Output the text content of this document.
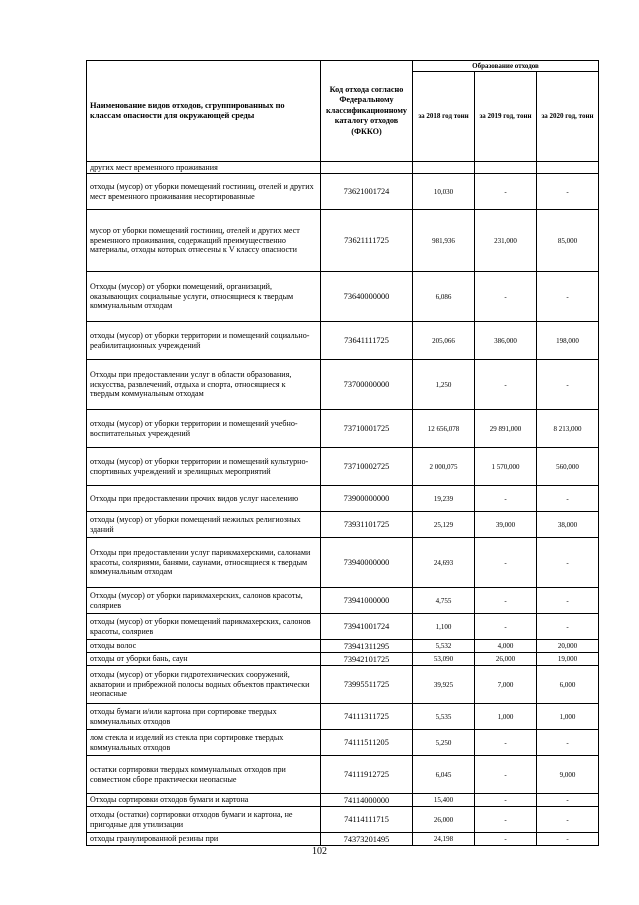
Наименование видов отходов, сгруппированных по классам опасности для окружающей среды	Код отхода согласно Федеральному классификационному каталогу отходов (ФККО)	Образование отходов		
		за 2018 год тонн	за 2019 год, тонн	за 2020 год, тонн
других мест временного проживания				
отходы (мусор) от уборки помещений гостиниц, отелей и других мест временного проживания несортированные	73621001724	10,030	-	-
мусор от уборки помещений гостиниц, отелей и других мест временного проживания, содержащий преимущественно материалы, отходы которых отнесены к V классу опасности	73621111725	981,936	231,000	85,000
Отходы (мусор) от уборки помещений, организаций, оказывающих социальные услуги, относящиеся к твердым коммунальным отходам	73640000000	6,086	-	-
отходы (мусор) от уборки территории и помещений социально- реабилитационных учреждений	73641111725	205,066	386,000	198,000
Отходы при предоставлении услуг в области образования, искусства, развлечений, отдыха и спорта, относящиеся к твердым коммунальным отходам	73700000000	1,250	-	-
отходы (мусор) от уборки территории и помещений учебно-воспитательных учреждений	73710001725	12 656,078	29 891,000	8 213,000
отходы (мусор) от уборки территории и помещений культурно-спортивных учреждений и зрелищных мероприятий	73710002725	2 000,075	1 570,000	560,000
Отходы при предоставлении прочих видов услуг населению	73900000000	19,239	-	-
отходы (мусор) от уборки помещений нежилых религиозных зданий	73931101725	25,129	39,000	38,000
Отходы при предоставлении услуг парикмахерскими, салонами красоты, соляриями, банями, саунами, относящиеся к твердым коммунальным отходам	73940000000	24,693	-	-
Отходы (мусор) от уборки парикмахерских, салонов красоты, соляриев	73941000000	4,755	-	-
отходы (мусор) от уборки помещений парикмахерских, салонов красоты, соляриев	73941001724	1,100	-	-
отходы волос	73941311295	5,532	4,000	20,000
отходы от уборки бань, саун	73942101725	53,090	26,000	19,000
отходы (мусор) от уборки гидротехнических сооружений, акватории и прибрежной полосы водных объектов практически неопасные	73995511725	39,925	7,000	6,000
отходы бумаги и/или картона при сортировке твердых коммунальных отходов	74111311725	5,535	1,000	1,000
лом стекла и изделий из стекла при сортировке твердых коммунальных отходов	74111511205	5,250	-	-
остатки сортировки твердых коммунальных отходов при совместном сборе практически неопасные	74111912725	6,045	-	9,000
Отходы сортировки отходов бумаги и картона	74114000000	15,400	-	-
отходы (остатки) сортировки отходов бумаги и картона, не пригодные для утилизации	74114111715	26,000	-	-
отходы гранулированной резины при	74373201495	24,198	-	-
102
